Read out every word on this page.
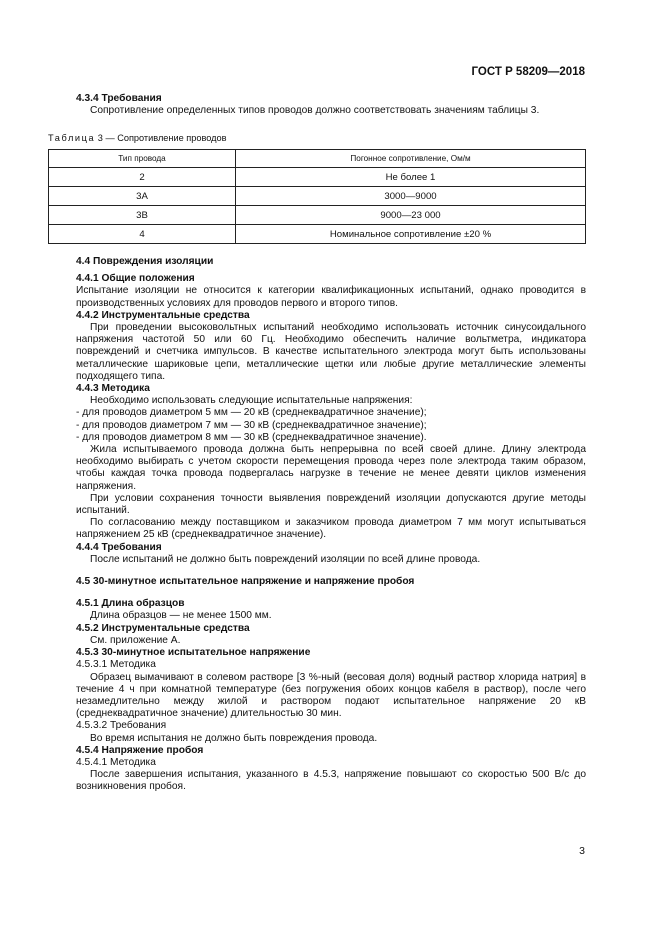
ГОСТ Р 58209—2018

4.3.4 Требования

Сопротивление определенных типов проводов должно соответствовать значениям таблицы 3.

Таблица 3 — Сопротивление проводов
Тип провода	Погонное сопротивление, Ом/м
2	Не более 1
3А	3000—9000
3В	9000—23 000
4	Номинальное сопротивление ±20 %

4.4 Повреждения изоляции

4.4.1 Общие положения

Испытание изоляции не относится к категории квалификационных испытаний, однако проводится в производственных условиях для проводов первого и второго типов.

4.4.2 Инструментальные средства

При проведении высоковольтных испытаний необходимо использовать источник синусоидального напряжения частотой 50 или 60 Гц. Необходимо обеспечить наличие вольтметра, индикатора повреждений и счетчика импульсов. В качестве испытательного электрода могут быть использованы металлические шариковые цепи, металлические щетки или любые другие металлические элементы подходящего типа.

4.4.3 Методика

Необходимо использовать следующие испытательные напряжения:

- для проводов диаметром 5 мм — 20 кВ (среднеквадратичное значение);

- для проводов диаметром 7 мм — 30 кВ (среднеквадратичное значение);

- для проводов диаметром 8 мм — 30 кВ (среднеквадратичное значение).

Жила испытываемого провода должна быть непрерывна по всей своей длине. Длину электрода необходимо выбирать с учетом скорости перемещения провода через поле электрода таким образом, чтобы каждая точка провода подвергалась нагрузке в течение не менее девяти циклов изменения напряжения.

При условии сохранения точности выявления повреждений изоляции допускаются другие методы испытаний.

По согласованию между поставщиком и заказчиком провода диаметром 7 мм могут испытываться напряжением 25 кВ (среднеквадратичное значение).

4.4.4 Требования

После испытаний не должно быть повреждений изоляции по всей длине провода.

4.5 30-минутное испытательное напряжение и напряжение пробоя

4.5.1 Длина образцов

Длина образцов — не менее 1500 мм.

4.5.2 Инструментальные средства

См. приложение А.

4.5.3 30-минутное испытательное напряжение

4.5.3.1 Методика

Образец вымачивают в солевом растворе [3 %-ный (весовая доля) водный раствор хлорида натрия] в течение 4 ч при комнатной температуре (без погружения обоих концов кабеля в раствор), после чего незамедлительно между жилой и раствором подают испытательное напряжение 20 кВ (среднеквадратичное значение) длительностью 30 мин.

4.5.3.2 Требования

Во время испытания не должно быть повреждения провода.

4.5.4 Напряжение пробоя

4.5.4.1 Методика

После завершения испытания, указанного в 4.5.3, напряжение повышают со скоростью 500 В/с до возникновения пробоя.

3
